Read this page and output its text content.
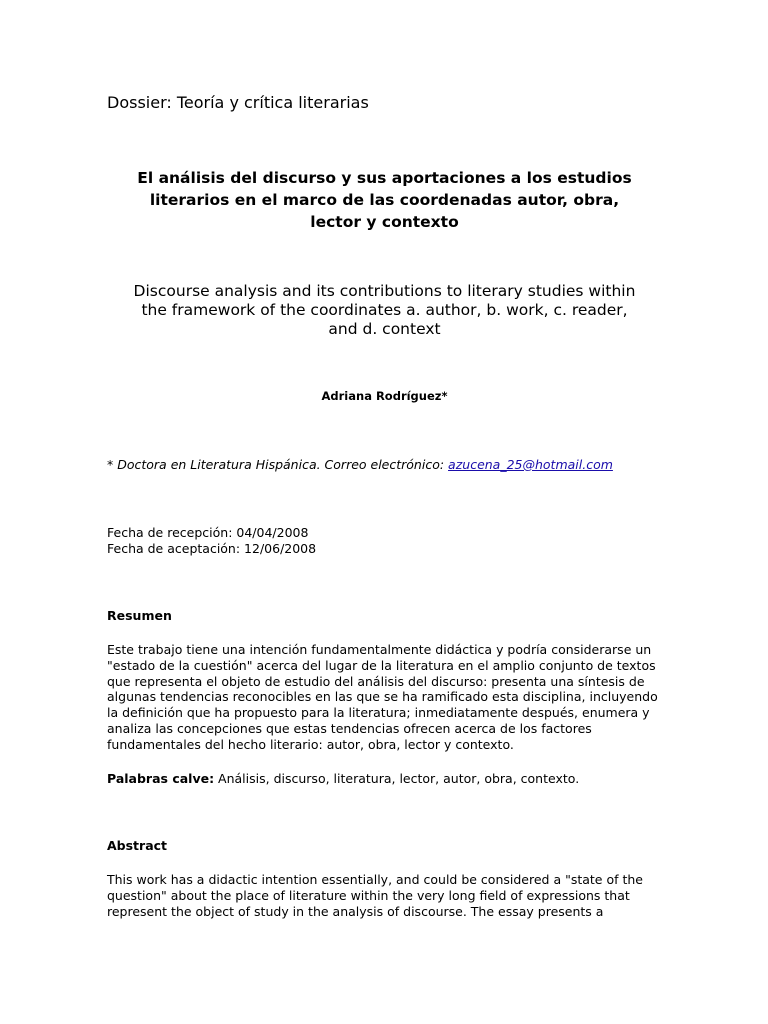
Dossier: Teoría y crítica literarias
El análisis del discurso y sus aportaciones a los estudios
literarios en el marco de las coordenadas autor, obra,
lector y contexto
Discourse analysis and its contributions to literary studies within
the framework of the coordinates a. author, b. work, c. reader,
and d. context
Adriana Rodríguez*
* Doctora en Literatura Hispánica. Correo electrónico: azucena_25@hotmail.com
Fecha de recepción: 04/04/2008
Fecha de aceptación: 12/06/2008
Resumen
Este trabajo tiene una intención fundamentalmente didáctica y podría considerarse un
"estado de la cuestión" acerca del lugar de la literatura en el amplio conjunto de textos
que representa el objeto de estudio del análisis del discurso: presenta una síntesis de
algunas tendencias reconocibles en las que se ha ramificado esta disciplina, incluyendo
la definición que ha propuesto para la literatura; inmediatamente después, enumera y
analiza las concepciones que estas tendencias ofrecen acerca de los factores
fundamentales del hecho literario: autor, obra, lector y contexto.
Palabras calve: Análisis, discurso, literatura, lector, autor, obra, contexto.
Abstract
This work has a didactic intention essentially, and could be considered a "state of the
question" about the place of literature within the very long field of expressions that
represent the object of study in the analysis of discourse. The essay presents a
